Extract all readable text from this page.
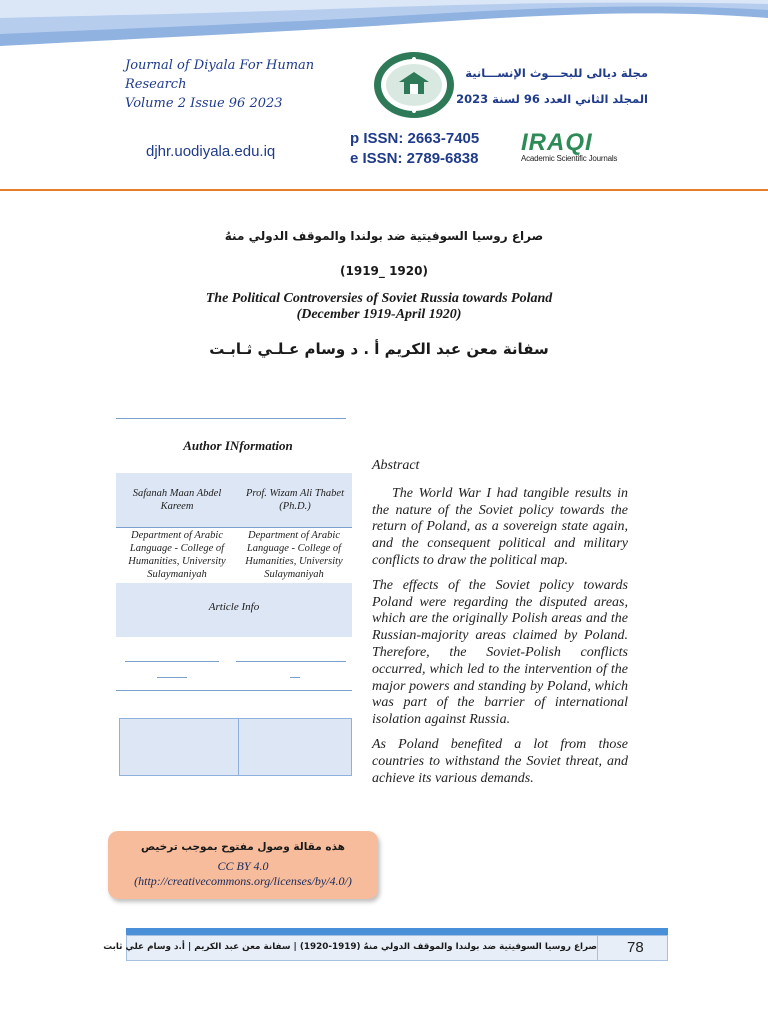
Journal of Diyala For Human
Research
Volume 2 Issue 96 2023
مجلة ديالى للبحـــوث الإنســـانية
المجلد الثاني العدد 96 لسنة 2023
djhr.uodiyala.edu.iq
p ISSN: 2663-7405
e ISSN: 2789-6838
IRAQI
Academic Scientific Journals
صراع روسيا السوفيتية ضد بولندا والموقف الدولي منهُ
(1919_ 1920)
The Political Controversies of Soviet Russia towards Poland
(December 1919-April 1920)
سفانة معن عبد الكريم أ . د وسام عـلـي ثـابـت
Author INformation
Safanah Maan Abdel Kareem
Prof. Wizam Ali Thabet (Ph.D.)
Department of Arabic Language - College of Humanities, University Sulaymaniyah
Department of Arabic Language - College of Humanities, University Sulaymaniyah
Article Info
هذه مقالة وصول مفتوح بموجب ترخيص
CC BY 4.0
(http://creativecommons.org/licenses/by/4.0/)
Abstract

The World War I had tangible results in the nature of the Soviet policy towards the return of Poland, as a sovereign state again, and the consequent political and military conflicts to draw the political map.

The effects of the Soviet policy towards Poland were regarding the disputed areas, which are the originally Polish areas and the Russian-majority areas claimed by Poland. Therefore, the Soviet-Polish conflicts occurred, which led to the intervention of the major powers and standing by Poland, which was part of the barrier of international isolation against Russia.

As Poland benefited a lot from those countries to withstand the Soviet threat, and achieve its various demands.

صراع روسيا السوفيتية ضد بولندا والموقف الدولي منهُ (1919-1920) | سفانة معن عبد الكريم | أ.د وسام علي ثابت 78
